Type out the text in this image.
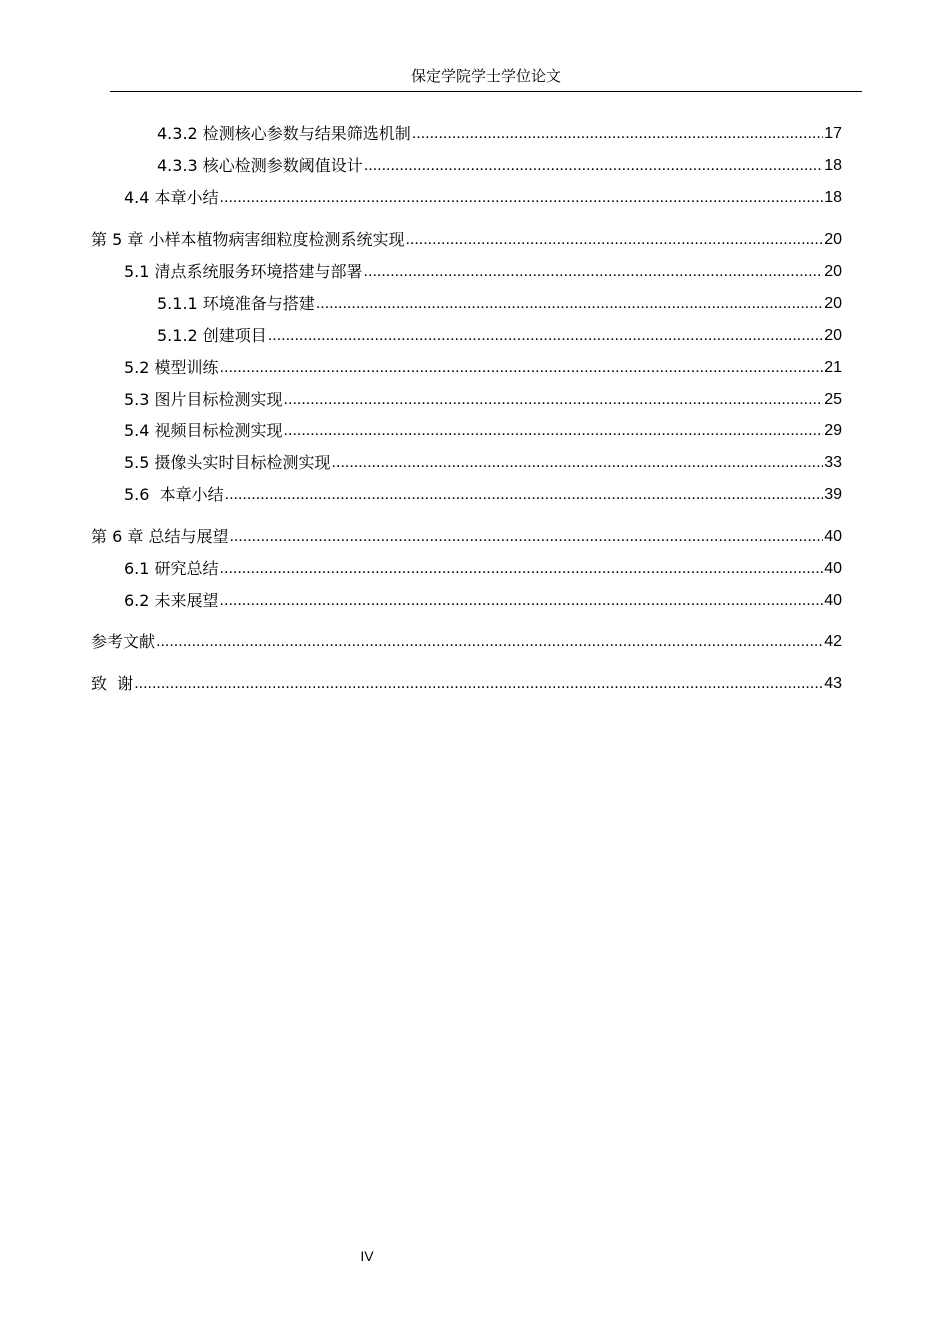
保定学院学士学位论文
4.3.2 检测核心参数与结果筛选机制 .....	17
4.3.3 核心检测参数阈值设计 .....	18
4.4 本章小结 .....	18
第 5 章 小样本植物病害细粒度检测系统实现 .....	20
5.1 清点系统服务环境搭建与部署 .....	20
5.1.1 环境准备与搭建 .....	20
5.1.2 创建项目 .....	20
5.2 模型训练 .....	21
5.3 图片目标检测实现 .....	25
5.4 视频目标检测实现 .....	29
5.5 摄像头实时目标检测实现 .....	33
5.6  本章小结 .....	39
第 6 章 总结与展望 .....	40
6.1 研究总结 .....	40
6.2 未来展望 .....	40
参考文献 .....	42
致  谢 .....	43
IV
